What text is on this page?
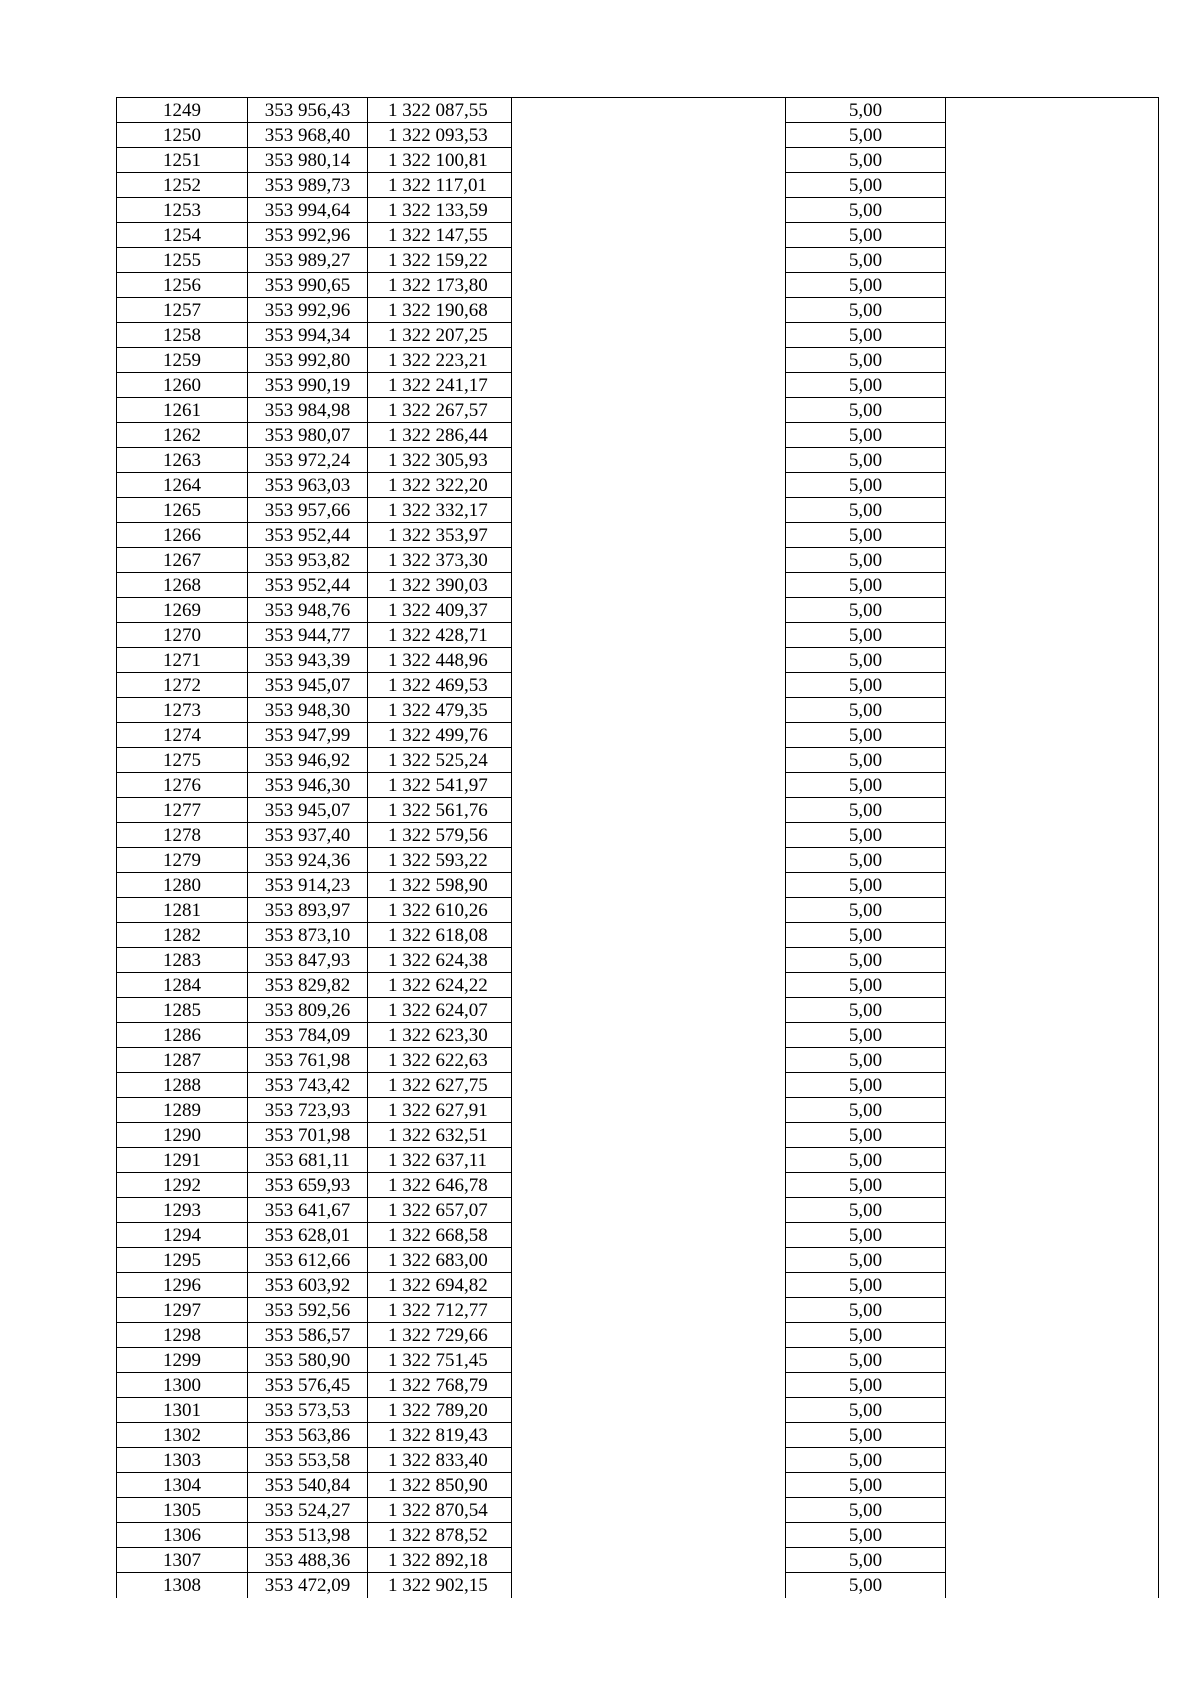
1249	353 956,43	1 322 087,55		5,00	
1250	353 968,40	1 322 093,53		5,00	
1251	353 980,14	1 322 100,81		5,00	
1252	353 989,73	1 322 117,01		5,00	
1253	353 994,64	1 322 133,59		5,00	
1254	353 992,96	1 322 147,55		5,00	
1255	353 989,27	1 322 159,22		5,00	
1256	353 990,65	1 322 173,80		5,00	
1257	353 992,96	1 322 190,68		5,00	
1258	353 994,34	1 322 207,25		5,00	
1259	353 992,80	1 322 223,21		5,00	
1260	353 990,19	1 322 241,17		5,00	
1261	353 984,98	1 322 267,57		5,00	
1262	353 980,07	1 322 286,44		5,00	
1263	353 972,24	1 322 305,93		5,00	
1264	353 963,03	1 322 322,20		5,00	
1265	353 957,66	1 322 332,17		5,00	
1266	353 952,44	1 322 353,97		5,00	
1267	353 953,82	1 322 373,30		5,00	
1268	353 952,44	1 322 390,03		5,00	
1269	353 948,76	1 322 409,37		5,00	
1270	353 944,77	1 322 428,71		5,00	
1271	353 943,39	1 322 448,96		5,00	
1272	353 945,07	1 322 469,53		5,00	
1273	353 948,30	1 322 479,35		5,00	
1274	353 947,99	1 322 499,76		5,00	
1275	353 946,92	1 322 525,24		5,00	
1276	353 946,30	1 322 541,97		5,00	
1277	353 945,07	1 322 561,76		5,00	
1278	353 937,40	1 322 579,56		5,00	
1279	353 924,36	1 322 593,22		5,00	
1280	353 914,23	1 322 598,90		5,00	
1281	353 893,97	1 322 610,26		5,00	
1282	353 873,10	1 322 618,08		5,00	
1283	353 847,93	1 322 624,38		5,00	
1284	353 829,82	1 322 624,22		5,00	
1285	353 809,26	1 322 624,07		5,00	
1286	353 784,09	1 322 623,30		5,00	
1287	353 761,98	1 322 622,63		5,00	
1288	353 743,42	1 322 627,75		5,00	
1289	353 723,93	1 322 627,91		5,00	
1290	353 701,98	1 322 632,51		5,00	
1291	353 681,11	1 322 637,11		5,00	
1292	353 659,93	1 322 646,78		5,00	
1293	353 641,67	1 322 657,07		5,00	
1294	353 628,01	1 322 668,58		5,00	
1295	353 612,66	1 322 683,00		5,00	
1296	353 603,92	1 322 694,82		5,00	
1297	353 592,56	1 322 712,77		5,00	
1298	353 586,57	1 322 729,66		5,00	
1299	353 580,90	1 322 751,45		5,00	
1300	353 576,45	1 322 768,79		5,00	
1301	353 573,53	1 322 789,20		5,00	
1302	353 563,86	1 322 819,43		5,00	
1303	353 553,58	1 322 833,40		5,00	
1304	353 540,84	1 322 850,90		5,00	
1305	353 524,27	1 322 870,54		5,00	
1306	353 513,98	1 322 878,52		5,00	
1307	353 488,36	1 322 892,18		5,00	
1308	353 472,09	1 322 902,15		5,00	
